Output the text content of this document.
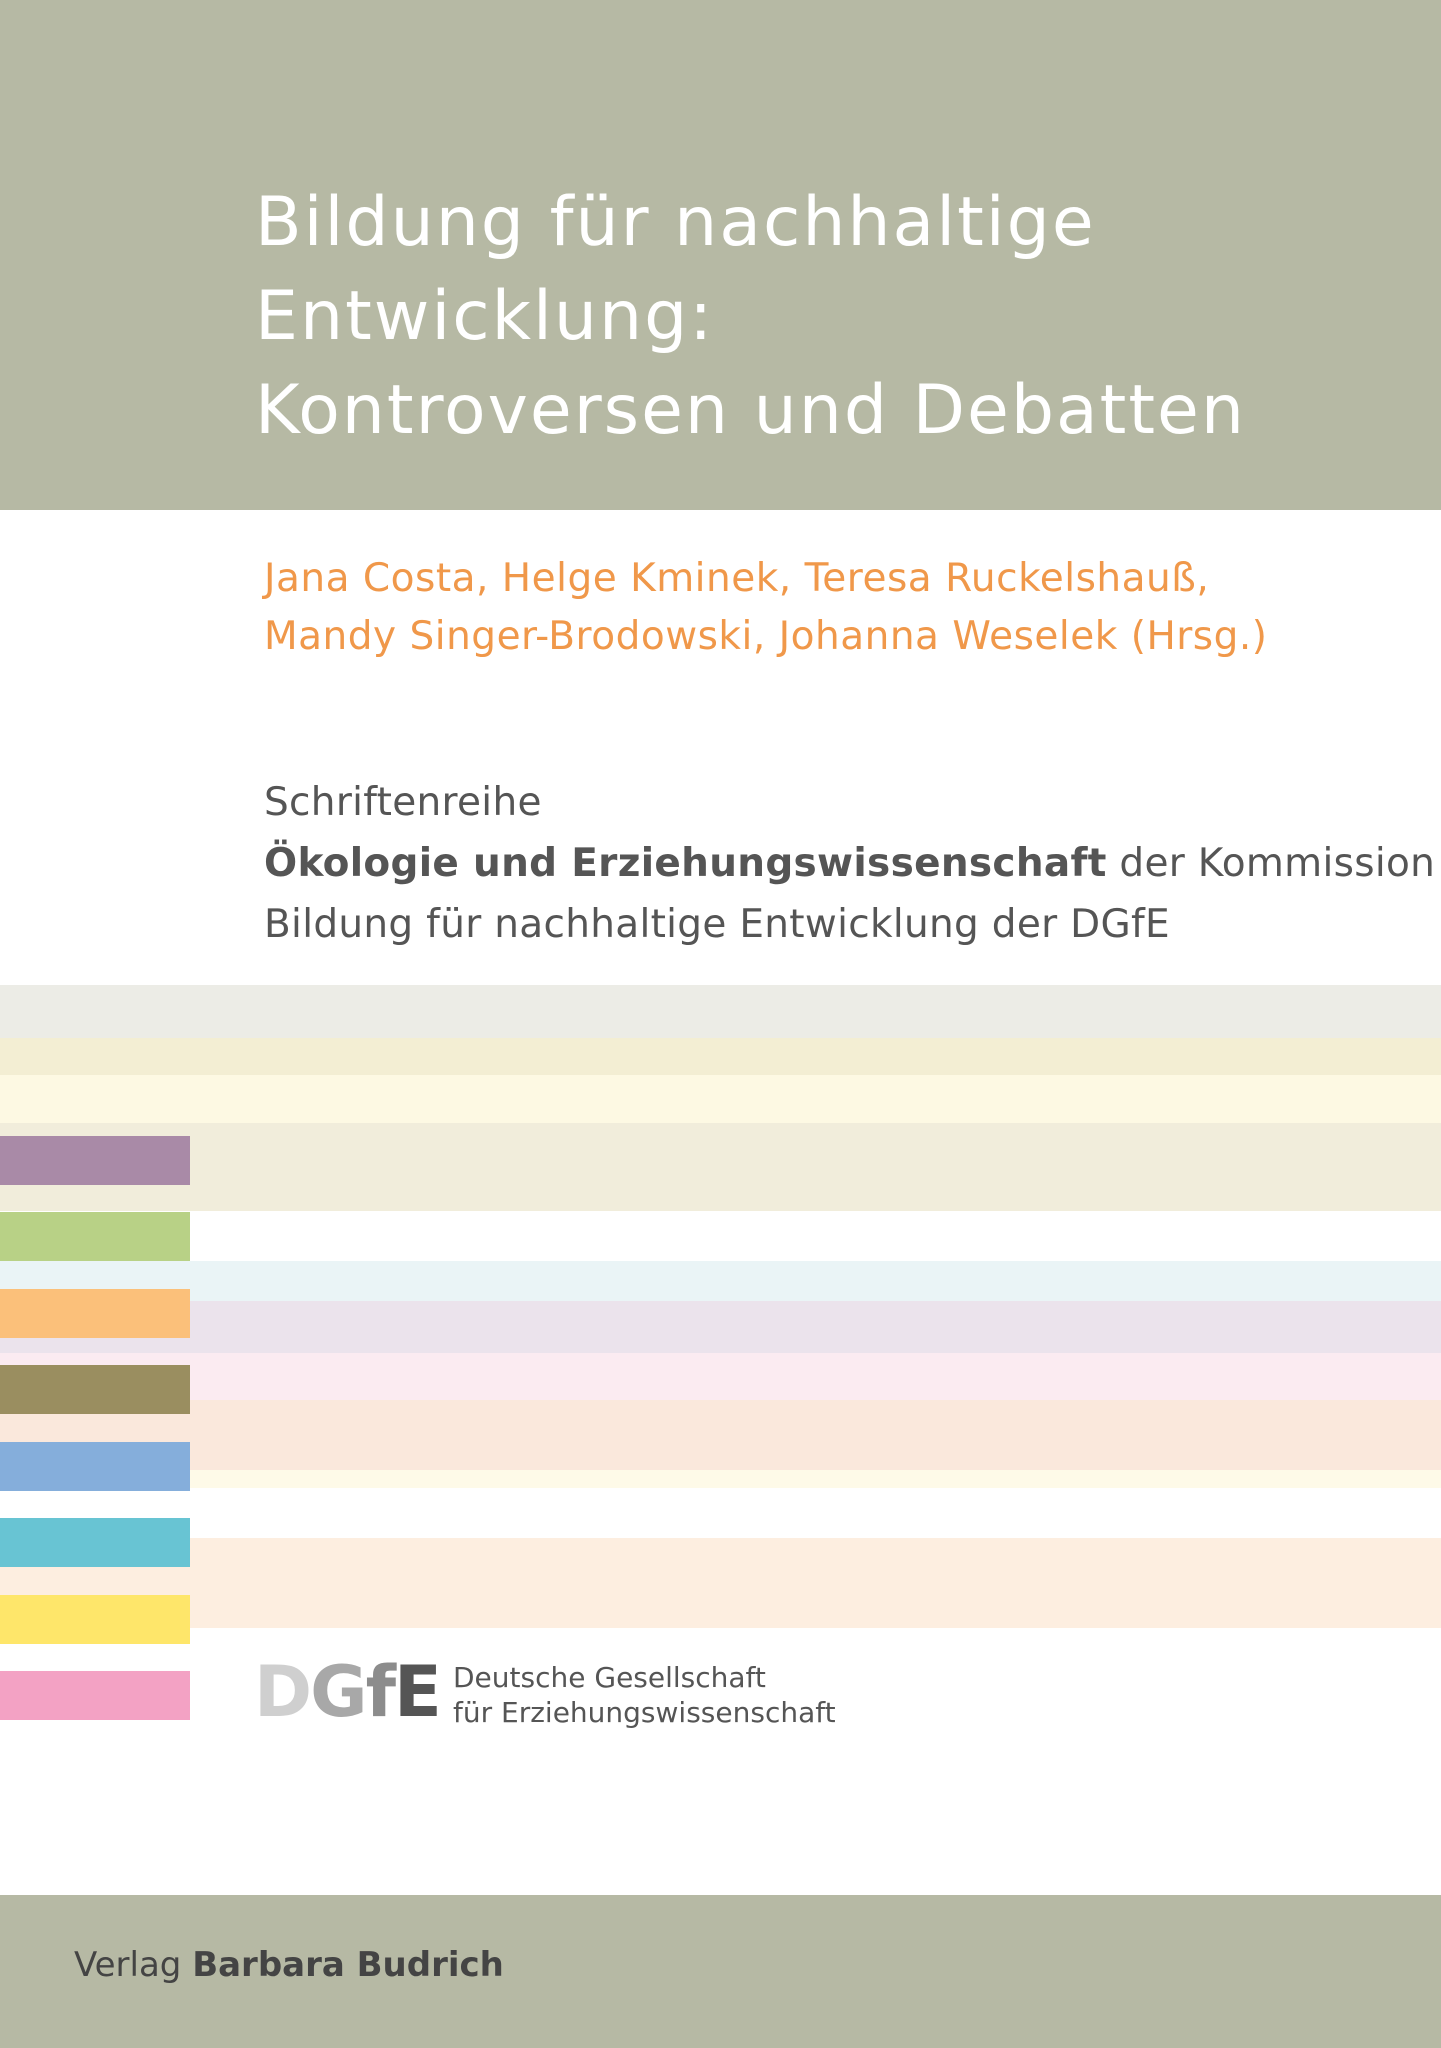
Bildung für nachhaltige
Entwicklung:
Kontroversen und Debatten
Jana Costa, Helge Kminek, Teresa Ruckelshauß,
Mandy Singer-Brodowski, Johanna Weselek (Hrsg.)
Schriftenreihe
Ökologie und Erziehungswissenschaft der Kommission
Bildung für nachhaltige Entwicklung der DGfE
DGfE Deutsche Gesellschaft
für Erziehungswissenschaft
Verlag Barbara Budrich
